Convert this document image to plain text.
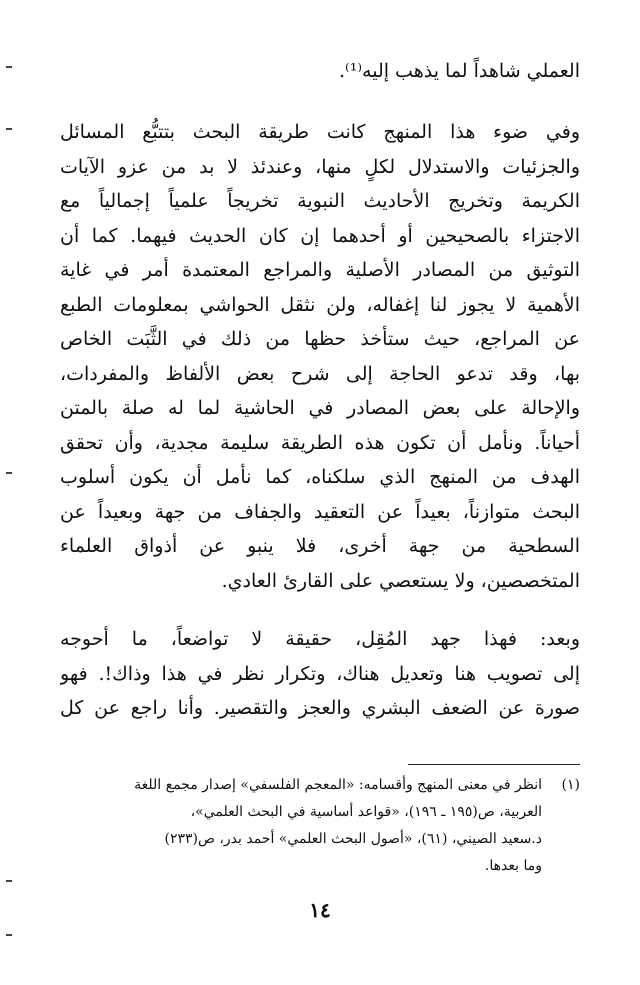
العملي شاهداً لما يذهب إليه⁽¹⁾.
وفي ضوء هذا المنهج كانت طريقة البحث بتتبُّع المسائل
والجزئيات والاستدلال لكلٍ منها، وعندئذ لا بد من عزو الآيات
الكريمة وتخريج الأحاديث النبوية تخريجاً علمياً إجمالياً مع
الاجتزاء بالصحيحين أو أحدهما إن كان الحديث فيهما. كما أن
التوثيق من المصادر الأصلية والمراجع المعتمدة أمر في غاية
الأهمية لا يجوز لنا إغفاله، ولن نثقل الحواشي بمعلومات الطبع
عن المراجع، حيث ستأخذ حظها من ذلك في الثَّبَت الخاص
بها، وقد تدعو الحاجة إلى شرح بعض الألفاظ والمفردات،
والإحالة على بعض المصادر في الحاشية لما له صلة بالمتن
أحياناً. ونأمل أن تكون هذه الطريقة سليمة مجدية، وأن تحقق
الهدف من المنهج الذي سلكناه، كما نأمل أن يكون أسلوب
البحث متوازناً، بعيداً عن التعقيد والجفاف من جهة وبعيداً عن
السطحية من جهة أخرى، فلا ينبو عن أذواق العلماء
المتخصصين، ولا يستعصي على القارئ العادي.
وبعد: فهذا جهد المُقِل، حقيقة لا تواضعاً، ما أحوجه
إلى تصويب هنا وتعديل هناك، وتكرار نظر في هذا وذاك!. فهو
صورة عن الضعف البشري والعجز والتقصير. وأنا راجع عن كل
(١)انظر في معنى المنهج وأقسامه: «المعجم الفلسفي» إصدار مجمع اللغة
العربية، ص(١٩٥ ـ ١٩٦)، «قواعد أساسية في البحث العلمي»،
د.سعيد الصيني، (٦١)، «أصول البحث العلمي» أحمد بدر، ص(٢٣٣)
وما بعدها.
١٤
